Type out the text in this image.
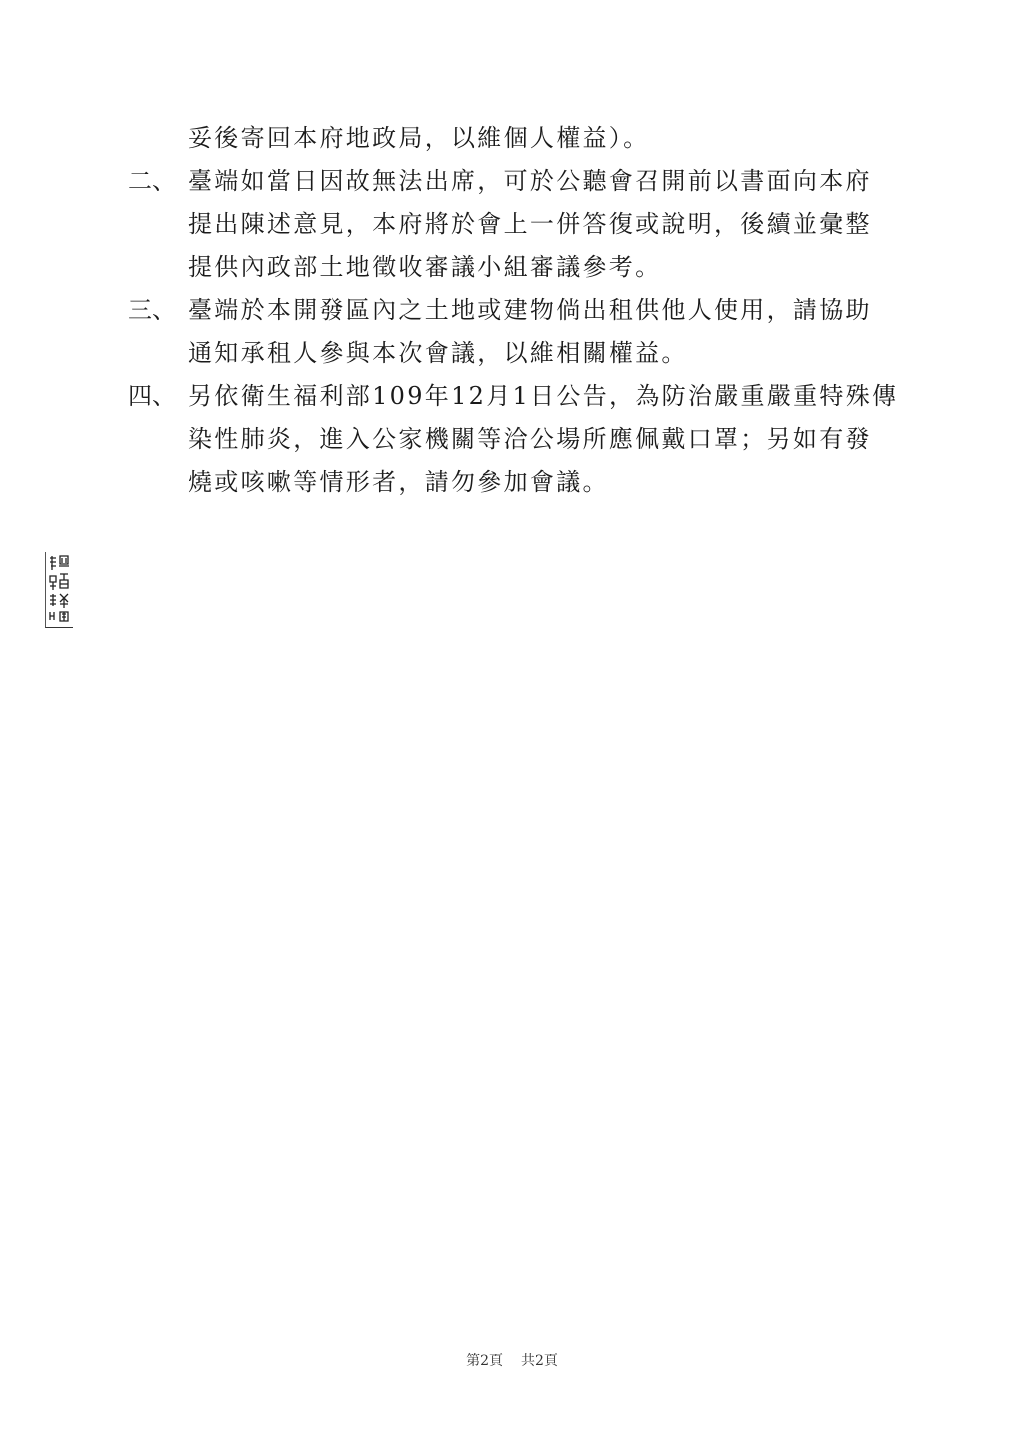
妥後寄回本府地政局，以維個人權益）。
二、 臺端如當日因故無法出席，可於公聽會召開前以書面向本府
提出陳述意見，本府將於會上一併答復或說明，後續並彙整
提供內政部土地徵收審議小組審議參考。
三、 臺端於本開發區內之土地或建物倘出租供他人使用，請協助
通知承租人參與本次會議，以維相關權益。
四、 另依衛生福利部109年12月1日公告，為防治嚴重嚴重特殊傳
染性肺炎，進入公家機關等洽公場所應佩戴口罩；另如有發
燒或咳嗽等情形者，請勿參加會議。
第2頁 共2頁
